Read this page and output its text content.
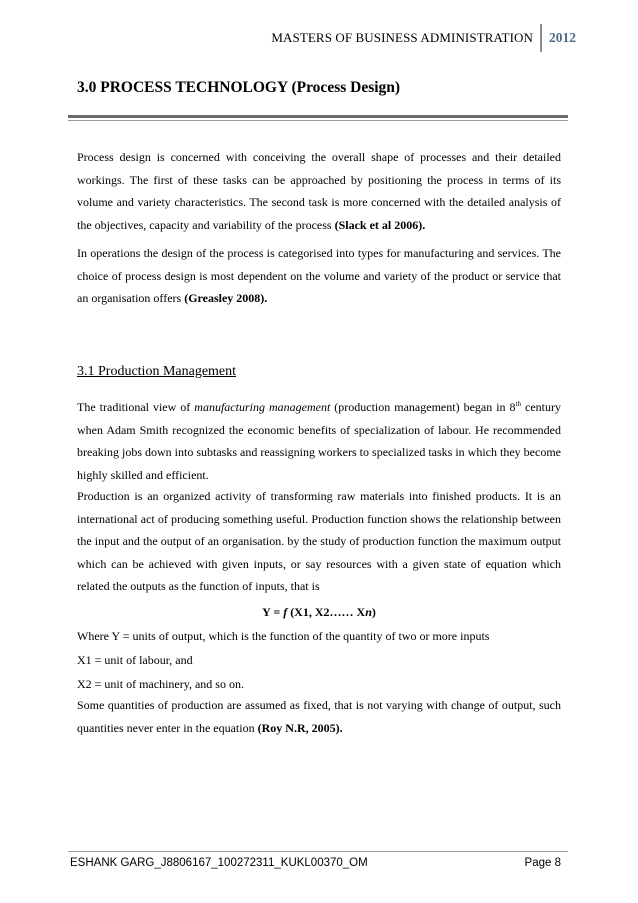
MASTERS OF BUSINESS ADMINISTRATION	2012
3.0 PROCESS TECHNOLOGY (Process Design)

Process design is concerned with conceiving the overall shape of processes and their detailed workings. The first of these tasks can be approached by positioning the process in terms of its volume and variety characteristics. The second task is more concerned with the detailed analysis of the objectives, capacity and variability of the process (Slack et al 2006).

In operations the design of the process is categorised into types for manufacturing and services. The choice of process design is most dependent on the volume and variety of the product or service that an organisation offers (Greasley 2008).

3.1 Production Management

The traditional view of manufacturing management (production management) began in 8th century when Adam Smith recognized the economic benefits of specialization of labour. He recommended breaking jobs down into subtasks and reassigning workers to specialized tasks in which they become highly skilled and efficient.

Production is an organized activity of transforming raw materials into finished products. It is an international act of producing something useful. Production function shows the relationship between the input and the output of an organisation. by the study of production function the maximum output which can be achieved with given inputs, or say resources with a given state of equation which related the outputs as the function of inputs, that is

Y = f (X1, X2…… Xn)
Where Y = units of output, which is the function of the quantity of two or more inputs
X1 = unit of labour, and
X2 = unit of machinery, and so on.

Some quantities of production are assumed as fixed, that is not varying with change of output, such quantities never enter in the equation (Roy N.R, 2005).

ESHANK GARG_J8806167_100272311_KUKL00370_OM	Page 8
